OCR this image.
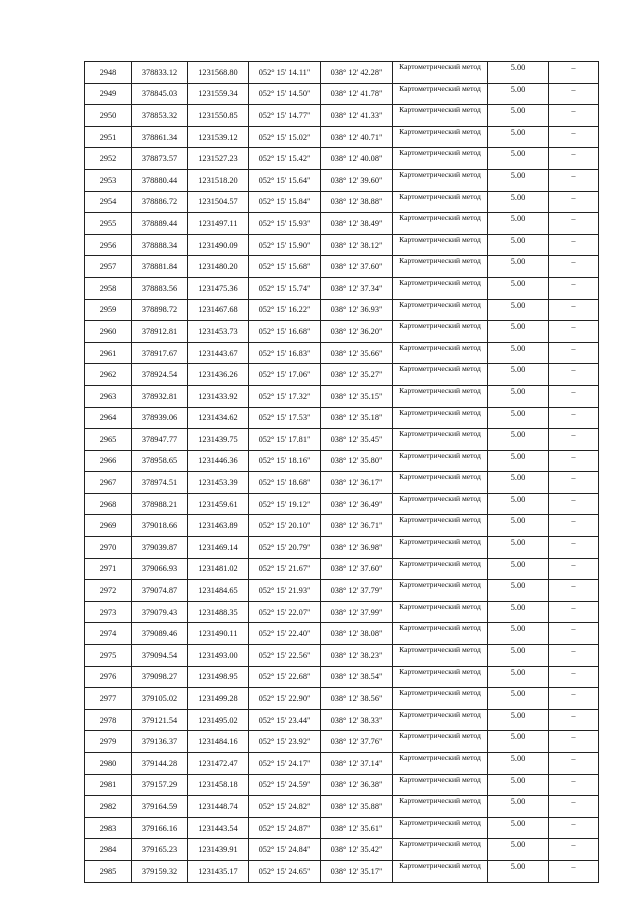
2948	378833.12	1231568.80	052° 15' 14.11"	038° 12' 42.28"	Картометрический метод	5.00	–
2949	378845.03	1231559.34	052° 15' 14.50"	038° 12' 41.78"	Картометрический метод	5.00	–
2950	378853.32	1231550.85	052° 15' 14.77"	038° 12' 41.33"	Картометрический метод	5.00	–
2951	378861.34	1231539.12	052° 15' 15.02"	038° 12' 40.71"	Картометрический метод	5.00	–
2952	378873.57	1231527.23	052° 15' 15.42"	038° 12' 40.08"	Картометрический метод	5.00	–
2953	378880.44	1231518.20	052° 15' 15.64"	038° 12' 39.60"	Картометрический метод	5.00	–
2954	378886.72	1231504.57	052° 15' 15.84"	038° 12' 38.88"	Картометрический метод	5.00	–
2955	378889.44	1231497.11	052° 15' 15.93"	038° 12' 38.49"	Картометрический метод	5.00	–
2956	378888.34	1231490.09	052° 15' 15.90"	038° 12' 38.12"	Картометрический метод	5.00	–
2957	378881.84	1231480.20	052° 15' 15.68"	038° 12' 37.60"	Картометрический метод	5.00	–
2958	378883.56	1231475.36	052° 15' 15.74"	038° 12' 37.34"	Картометрический метод	5.00	–
2959	378898.72	1231467.68	052° 15' 16.22"	038° 12' 36.93"	Картометрический метод	5.00	–
2960	378912.81	1231453.73	052° 15' 16.68"	038° 12' 36.20"	Картометрический метод	5.00	–
2961	378917.67	1231443.67	052° 15' 16.83"	038° 12' 35.66"	Картометрический метод	5.00	–
2962	378924.54	1231436.26	052° 15' 17.06"	038° 12' 35.27"	Картометрический метод	5.00	–
2963	378932.81	1231433.92	052° 15' 17.32"	038° 12' 35.15"	Картометрический метод	5.00	–
2964	378939.06	1231434.62	052° 15' 17.53"	038° 12' 35.18"	Картометрический метод	5.00	–
2965	378947.77	1231439.75	052° 15' 17.81"	038° 12' 35.45"	Картометрический метод	5.00	–
2966	378958.65	1231446.36	052° 15' 18.16"	038° 12' 35.80"	Картометрический метод	5.00	–
2967	378974.51	1231453.39	052° 15' 18.68"	038° 12' 36.17"	Картометрический метод	5.00	–
2968	378988.21	1231459.61	052° 15' 19.12"	038° 12' 36.49"	Картометрический метод	5.00	–
2969	379018.66	1231463.89	052° 15' 20.10"	038° 12' 36.71"	Картометрический метод	5.00	–
2970	379039.87	1231469.14	052° 15' 20.79"	038° 12' 36.98"	Картометрический метод	5.00	–
2971	379066.93	1231481.02	052° 15' 21.67"	038° 12' 37.60"	Картометрический метод	5.00	–
2972	379074.87	1231484.65	052° 15' 21.93"	038° 12' 37.79"	Картометрический метод	5.00	–
2973	379079.43	1231488.35	052° 15' 22.07"	038° 12' 37.99"	Картометрический метод	5.00	–
2974	379089.46	1231490.11	052° 15' 22.40"	038° 12' 38.08"	Картометрический метод	5.00	–
2975	379094.54	1231493.00	052° 15' 22.56"	038° 12' 38.23"	Картометрический метод	5.00	–
2976	379098.27	1231498.95	052° 15' 22.68"	038° 12' 38.54"	Картометрический метод	5.00	–
2977	379105.02	1231499.28	052° 15' 22.90"	038° 12' 38.56"	Картометрический метод	5.00	–
2978	379121.54	1231495.02	052° 15' 23.44"	038° 12' 38.33"	Картометрический метод	5.00	–
2979	379136.37	1231484.16	052° 15' 23.92"	038° 12' 37.76"	Картометрический метод	5.00	–
2980	379144.28	1231472.47	052° 15' 24.17"	038° 12' 37.14"	Картометрический метод	5.00	–
2981	379157.29	1231458.18	052° 15' 24.59"	038° 12' 36.38"	Картометрический метод	5.00	–
2982	379164.59	1231448.74	052° 15' 24.82"	038° 12' 35.88"	Картометрический метод	5.00	–
2983	379166.16	1231443.54	052° 15' 24.87"	038° 12' 35.61"	Картометрический метод	5.00	–
2984	379165.23	1231439.91	052° 15' 24.84"	038° 12' 35.42"	Картометрический метод	5.00	–
2985	379159.32	1231435.17	052° 15' 24.65"	038° 12' 35.17"	Картометрический метод	5.00	–
